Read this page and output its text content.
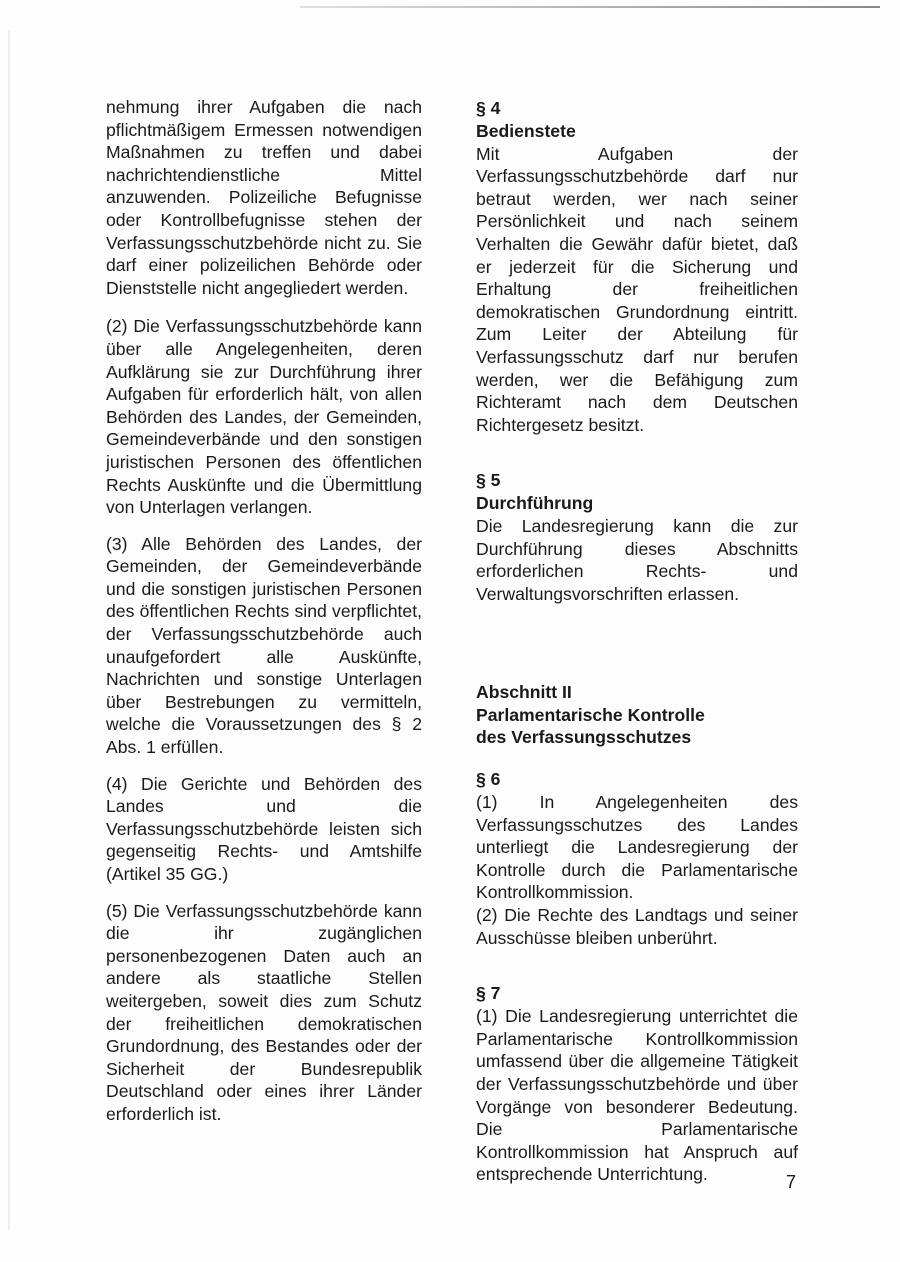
nehmung ihrer Aufgaben die nach pflichtmäßigem Ermessen notwendigen Maßnahmen zu treffen und dabei nachrichtendienstliche Mittel anzuwenden. Polizeiliche Befugnisse oder Kontrollbefugnisse stehen der Verfassungsschutzbehörde nicht zu. Sie darf einer polizeilichen Behörde oder Dienststelle nicht angegliedert werden.

(2) Die Verfassungsschutzbehörde kann über alle Angelegenheiten, deren Aufklärung sie zur Durchführung ihrer Aufgaben für erforderlich hält, von allen Behörden des Landes, der Gemeinden, Gemeindeverbände und den sonstigen juristischen Personen des öffentlichen Rechts Auskünfte und die Übermittlung von Unterlagen verlangen.

(3) Alle Behörden des Landes, der Gemeinden, der Gemeindeverbände und die sonstigen juristischen Personen des öffentlichen Rechts sind verpflichtet, der Verfassungsschutzbehörde auch unaufgefordert alle Auskünfte, Nachrichten und sonstige Unterlagen über Bestrebungen zu vermitteln, welche die Voraussetzungen des § 2 Abs. 1 erfüllen.

(4) Die Gerichte und Behörden des Landes und die Verfassungsschutzbehörde leisten sich gegenseitig Rechts- und Amtshilfe (Artikel 35 GG.)

(5) Die Verfassungsschutzbehörde kann die ihr zugänglichen personenbezogenen Daten auch an andere als staatliche Stellen weitergeben, soweit dies zum Schutz der freiheitlichen demokratischen Grundordnung, des Bestandes oder der Sicherheit der Bundesrepublik Deutschland oder eines ihrer Länder erforderlich ist.

§ 4

Bedienstete

Mit Aufgaben der Verfassungsschutzbehörde darf nur betraut werden, wer nach seiner Persönlichkeit und nach seinem Verhalten die Gewähr dafür bietet, daß er jederzeit für die Sicherung und Erhaltung der freiheitlichen demokratischen Grundordnung eintritt. Zum Leiter der Abteilung für Verfassungsschutz darf nur berufen werden, wer die Befähigung zum Richteramt nach dem Deutschen Richtergesetz besitzt.

§ 5

Durchführung

Die Landesregierung kann die zur Durchführung dieses Abschnitts erforderlichen Rechts- und Verwaltungsvorschriften erlassen.

Abschnitt II

Parlamentarische Kontrolle

des Verfassungsschutzes

§ 6

(1) In Angelegenheiten des Verfassungsschutzes des Landes unterliegt die Landesregierung der Kontrolle durch die Parlamentarische Kontrollkommission.

(2) Die Rechte des Landtags und seiner Ausschüsse bleiben unberührt.

§ 7

(1) Die Landesregierung unterrichtet die Parlamentarische Kontrollkommission umfassend über die allgemeine Tätigkeit der Verfassungsschutzbehörde und über Vorgänge von besonderer Bedeutung. Die Parlamentarische Kontrollkommission hat Anspruch auf entsprechende Unterrichtung.	7
